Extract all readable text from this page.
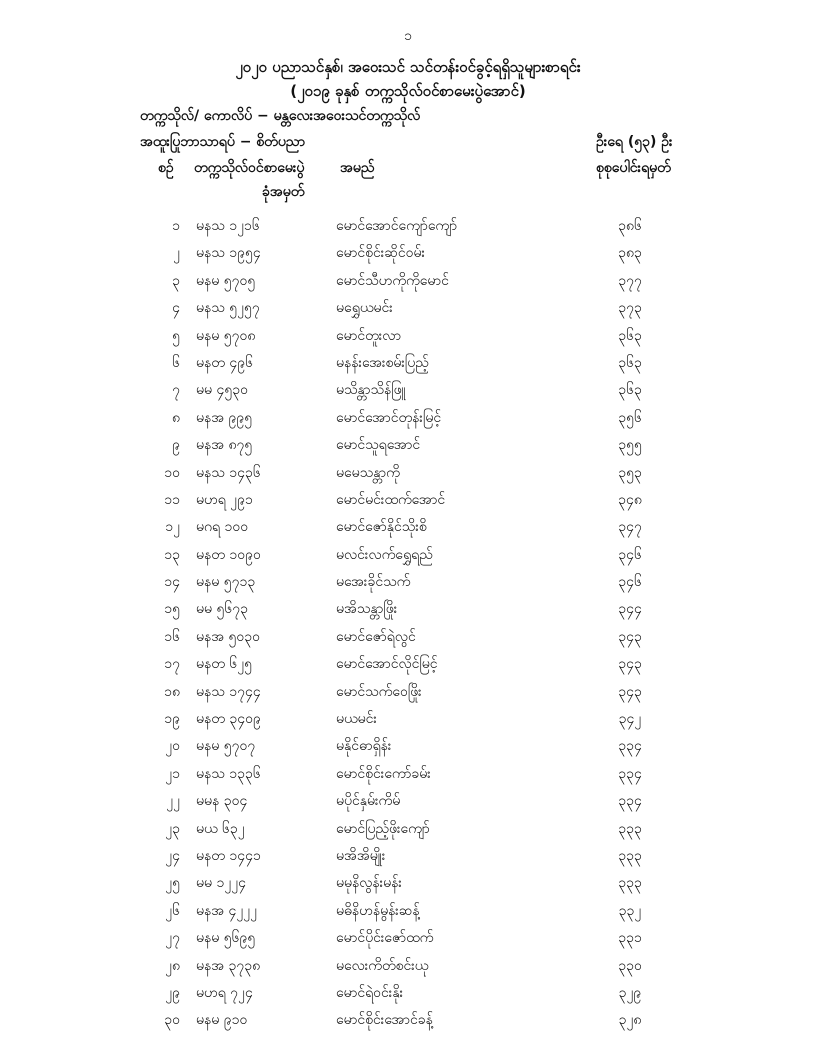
၁
၂၀၂၀ ပညာသင်နှစ်၊ အဝေးသင် သင်တန်းဝင်ခွင့်ရရှိသူများစာရင်း
(၂၀၁၉ ခုနှစ် တက္ကသိုလ်ဝင်စာမေးပွဲအောင်)
တက္ကသိုလ်/ ကောလိပ် − မန္တလေးအဝေးသင်တက္ကသိုလ်
အထူးပြုဘာသာရပ် − စိတ်ပညာ	ဦးရေ (၅၃) ဦး
စဉ် တက္ကသိုလ်ဝင်စာမေးပွဲ
ခုံအမှတ်
အမည်	စုစုပေါင်းရမှတ်
၁ မနသ ၁၂၁၆	မောင်အောင်ကျော်ကျော်	၃၈၆
၂ မနသ ၁၉၅၄	မောင်စိုင်းဆိုင်ဝမ်း	၃၈၃
၃ မနမ ၅၇၀၅	မောင်သီဟကိုကိုမောင်	၃၇၇
၄ မနသ ၅၂၅၇	မရွှေယမင်း	၃၇၃
၅ မနမ ၅၇၀၈	မောင်တူးလာ	၃၆၃
၆ မနတ ၄၉၆	မနန်းအေးစမ်းပြည့်	၃၆၃
၇ မမ ၄၅၃၀	မသိန္တာသိန်ဖြူ	၃၆၃
၈ မနအ ၉၉၅	မောင်အောင်တုန်းမြင့်	၃၅၆
၉ မနအ ၈၇၅	မောင်သူရအောင်	၃၅၅
၁၀ မနသ ၁၄၃၆	မမေသန္တာကို	၃၅၃
၁၁ မဟရ ၂၉၁	မောင်မင်းထက်အောင်	၃၄၈
၁၂ မဂရ ၁၀၀	မောင်ဇော်နိုင်သိုးစိ	၃၄၇
၁၃ မနတ ၁၀၉၀	မလင်းလက်ရွှေရည်	၃၄၆
၁၄ မနမ ၅၇၁၃	မအေးခိုင်သက်	၃၄၆
၁၅ မမ ၅၆၇၃	မအိသန္တာဖြိုး	၃၄၄
၁၆ မနအ ၅၀၃၀	မောင်ဇော်ရဲလွင်	၃၄၃
၁၇ မနတ ၆၂၅	မောင်အောင်လိုင်မြင့်	၃၄၃
၁၈ မနသ ၁၇၄၄	မောင်သက်ဝေဖြိုး	၃၄၃
၁၉ မနတ ၃၄၀၉	မယမင်း	၃၄၂
၂၀ မနမ ၅၇၀၇	မနိုင်ဓာရှိန်း	၃၃၄
၂၁ မနသ ၁၃၃၆	မောင်စိုင်းကော်ခမ်း	၃၃၄
၂၂ မမန ၃၀၄	မပိုင်နှမ်းကိမ်	၃၃၄
၂၃ မယ ၆၃၂	မောင်ပြည့်ဖိုးကျော်	၃၃၃
၂၄ မနတ ၁၄၄၁	မအိအိမျိုး	၃၃၃
၂၅ မမ ၁၂၂၄	မမုနိလွန်းမန်း	၃၃၃
၂၆ မနအ ၄၂၂၂	မဓိနိဟန်မွန်းဆန့်	၃၃၂
၂၇ မနမ ၅၆၉၅	မောင်ပိုင်းဇော်ထက်	၃၃၁
၂၈ မနအ ၃၇၃၈	မလေးကိတ်စင်းယု	၃၃၀
၂၉ မဟရ ၇၂၄	မောင်ရဲဝင်းနိုး	၃၂၉
၃၀ မနမ ၉၁၀	မောင်စိုင်းအောင်ခန့်	၃၂၈
